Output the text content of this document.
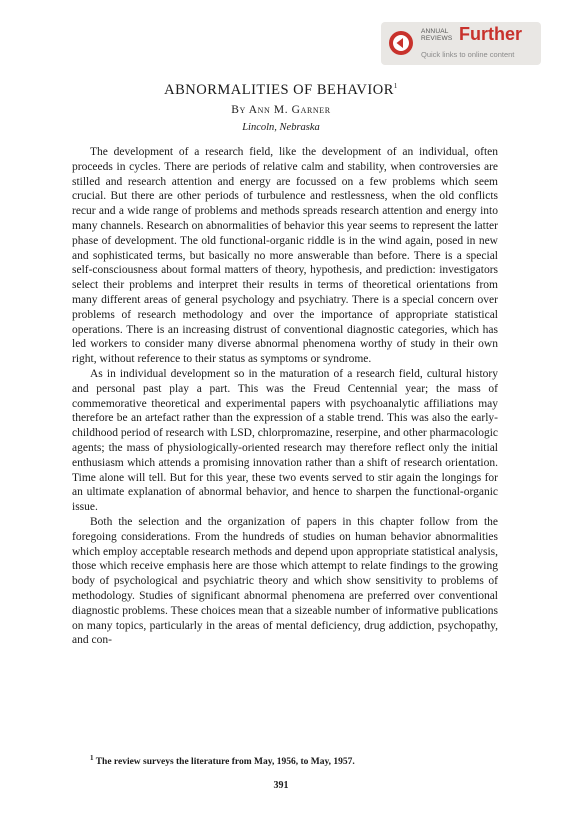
ANNUAL
REVIEWS Further
Quick links to online content
ABNORMALITIES OF BEHAVIOR$^1$
By Ann M. Garner
Lincoln, Nebraska

The development of a research field, like the development of an individual, often proceeds in cycles. There are periods of relative calm and stability, when controversies are stilled and research attention and energy are focussed on a few problems which seem crucial. But there are other periods of turbulence and restlessness, when the old conflicts recur and a wide range of problems and methods spreads research attention and energy into many channels. Research on abnormalities of behavior this year seems to represent the latter phase of development. The old functional-organic riddle is in the wind again, posed in new and sophisticated terms, but basically no more answerable than before. There is a special self-consciousness about formal matters of theory, hypothesis, and prediction: investigators select their problems and interpret their results in terms of theoretical orientations from many different areas of general psychology and psychiatry. There is a special concern over problems of research methodology and over the importance of appropriate statistical operations. There is an increasing distrust of conventional diagnostic categories, which has led workers to consider many diverse abnormal phenomena worthy of study in their own right, without reference to their status as symptoms or syndrome.

As in individual development so in the maturation of a research field, cultural history and personal past play a part. This was the Freud Centennial year; the mass of commemorative theoretical and experimental papers with psychoanalytic affiliations may therefore be an artefact rather than the expression of a stable trend. This was also the early-childhood period of research with LSD, chlorpromazine, reserpine, and other pharmacologic agents; the mass of physiologically-oriented research may therefore reflect only the initial enthusiasm which attends a promising innovation rather than a shift of research orientation. Time alone will tell. But for this year, these two events served to stir again the longings for an ultimate explanation of abnormal behavior, and hence to sharpen the functional-organic issue.

Both the selection and the organization of papers in this chapter follow from the foregoing considerations. From the hundreds of studies on human behavior abnormalities which employ acceptable research methods and depend upon appropriate statistical analysis, those which receive emphasis here are those which attempt to relate findings to the growing body of psychological and psychiatric theory and which show sensitivity to problems of methodology. Studies of significant abnormal phenomena are preferred over conventional diagnostic problems. These choices mean that a sizeable number of informative publications on many topics, particularly in the areas of mental deficiency, drug addiction, psychopathy, and con-

$^1$ The review surveys the literature from May, 1956, to May, 1957.
391
